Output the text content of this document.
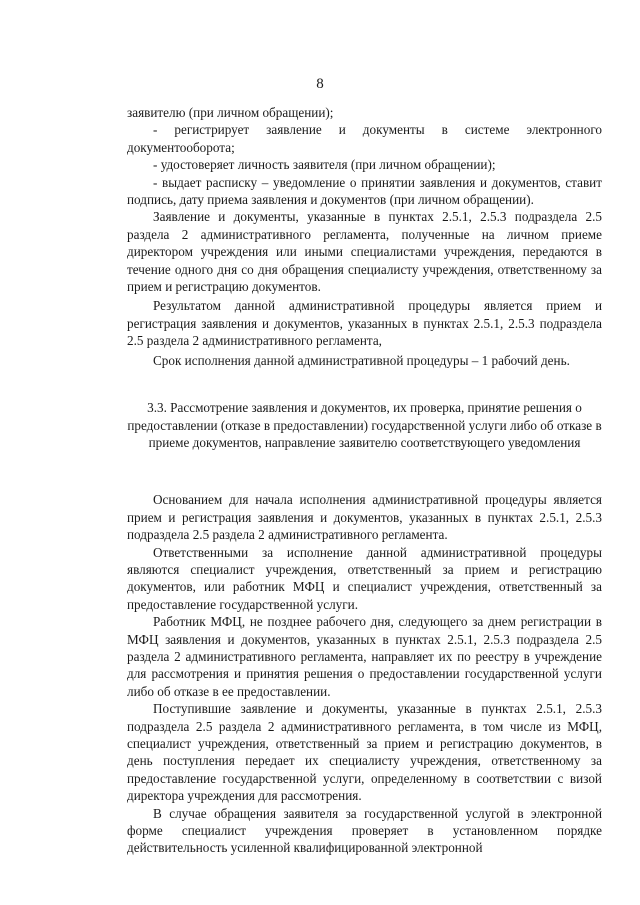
8

заявителю (при личном обращении);

- регистрирует заявление и документы в системе электронного документооборота;

- удостоверяет личность заявителя (при личном обращении);

- выдает расписку – уведомление о принятии заявления и документов, ставит подпись, дату приема заявления и документов (при личном обращении).

Заявление и документы, указанные в пунктах 2.5.1, 2.5.3 подраздела 2.5 раздела 2 административного регламента, полученные на личном приеме директором учреждения или иными специалистами учреждения, передаются в течение одного дня со дня обращения специалисту учреждения, ответственному за прием и регистрацию документов.

Результатом данной административной процедуры является прием и регистрация заявления и документов, указанных в пунктах 2.5.1, 2.5.3 подраздела 2.5 раздела 2 административного регламента,

Срок исполнения данной административной процедуры – 1 рабочий день.

3.3. Рассмотрение заявления и документов, их проверка, принятие решения о предоставлении (отказе в предоставлении) государственной услуги либо об отказе в приеме документов, направление заявителю соответствующего уведомления

Основанием для начала исполнения административной процедуры является прием и регистрация заявления и документов, указанных в пунктах 2.5.1, 2.5.3 подраздела 2.5 раздела 2 административного регламента.

Ответственными за исполнение данной административной процедуры являются специалист учреждения, ответственный за прием и регистрацию документов, или работник МФЦ и специалист учреждения, ответственный за предоставление государственной услуги.

Работник МФЦ, не позднее рабочего дня, следующего за днем регистрации в МФЦ заявления и документов, указанных в пунктах 2.5.1, 2.5.3 подраздела 2.5 раздела 2 административного регламента, направляет их по реестру в учреждение для рассмотрения и принятия решения о предоставлении государственной услуги либо об отказе в ее предоставлении.

Поступившие заявление и документы, указанные в пунктах 2.5.1, 2.5.3 подраздела 2.5 раздела 2 административного регламента, в том числе из МФЦ, специалист учреждения, ответственный за прием и регистрацию документов, в день поступления передает их специалисту учреждения, ответственному за предоставление государственной услуги, определенному в соответствии с визой директора учреждения для рассмотрения.

В случае обращения заявителя за государственной услугой в электронной форме специалист учреждения проверяет в установленном порядке действительность усиленной квалифицированной электронной
